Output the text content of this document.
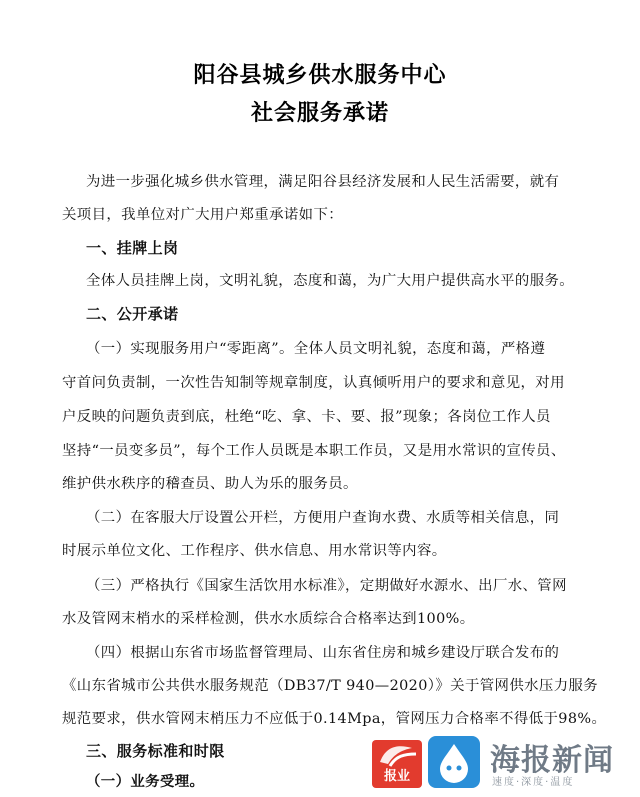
阳谷县城乡供水服务中心
社会服务承诺
为进一步强化城乡供水管理，满足阳谷县经济发展和人民生活需要，就有
关项目，我单位对广大用户郑重承诺如下：
一、挂牌上岗
全体人员挂牌上岗，文明礼貌，态度和蔼，为广大用户提供高水平的服务。
二、公开承诺
（一）实现服务用户“零距离”。全体人员文明礼貌，态度和蔼，严格遵
守首问负责制，一次性告知制等规章制度，认真倾听用户的要求和意见，对用
户反映的问题负责到底，杜绝“吃、拿、卡、要、报”现象；各岗位工作人员
坚持“一员变多员”，每个工作人员既是本职工作员，又是用水常识的宣传员、
维护供水秩序的稽查员、助人为乐的服务员。
（二）在客服大厅设置公开栏，方便用户查询水费、水质等相关信息，同
时展示单位文化、工作程序、供水信息、用水常识等内容。
（三）严格执行《国家生活饮用水标准》，定期做好水源水、出厂水、管网
水及管网末梢水的采样检测，供水水质综合合格率达到100%。
（四）根据山东省市场监督管理局、山东省住房和城乡建设厅联合发布的
《山东省城市公共供水服务规范（DB37/T 940—2020）》关于管网供水压力服务
规范要求，供水管网末梢压力不应低于0.14Mpa，管网压力合格率不得低于98%。
三、服务标准和时限
（一）业务受理。	报业	海报新闻
速度·深度·温度
